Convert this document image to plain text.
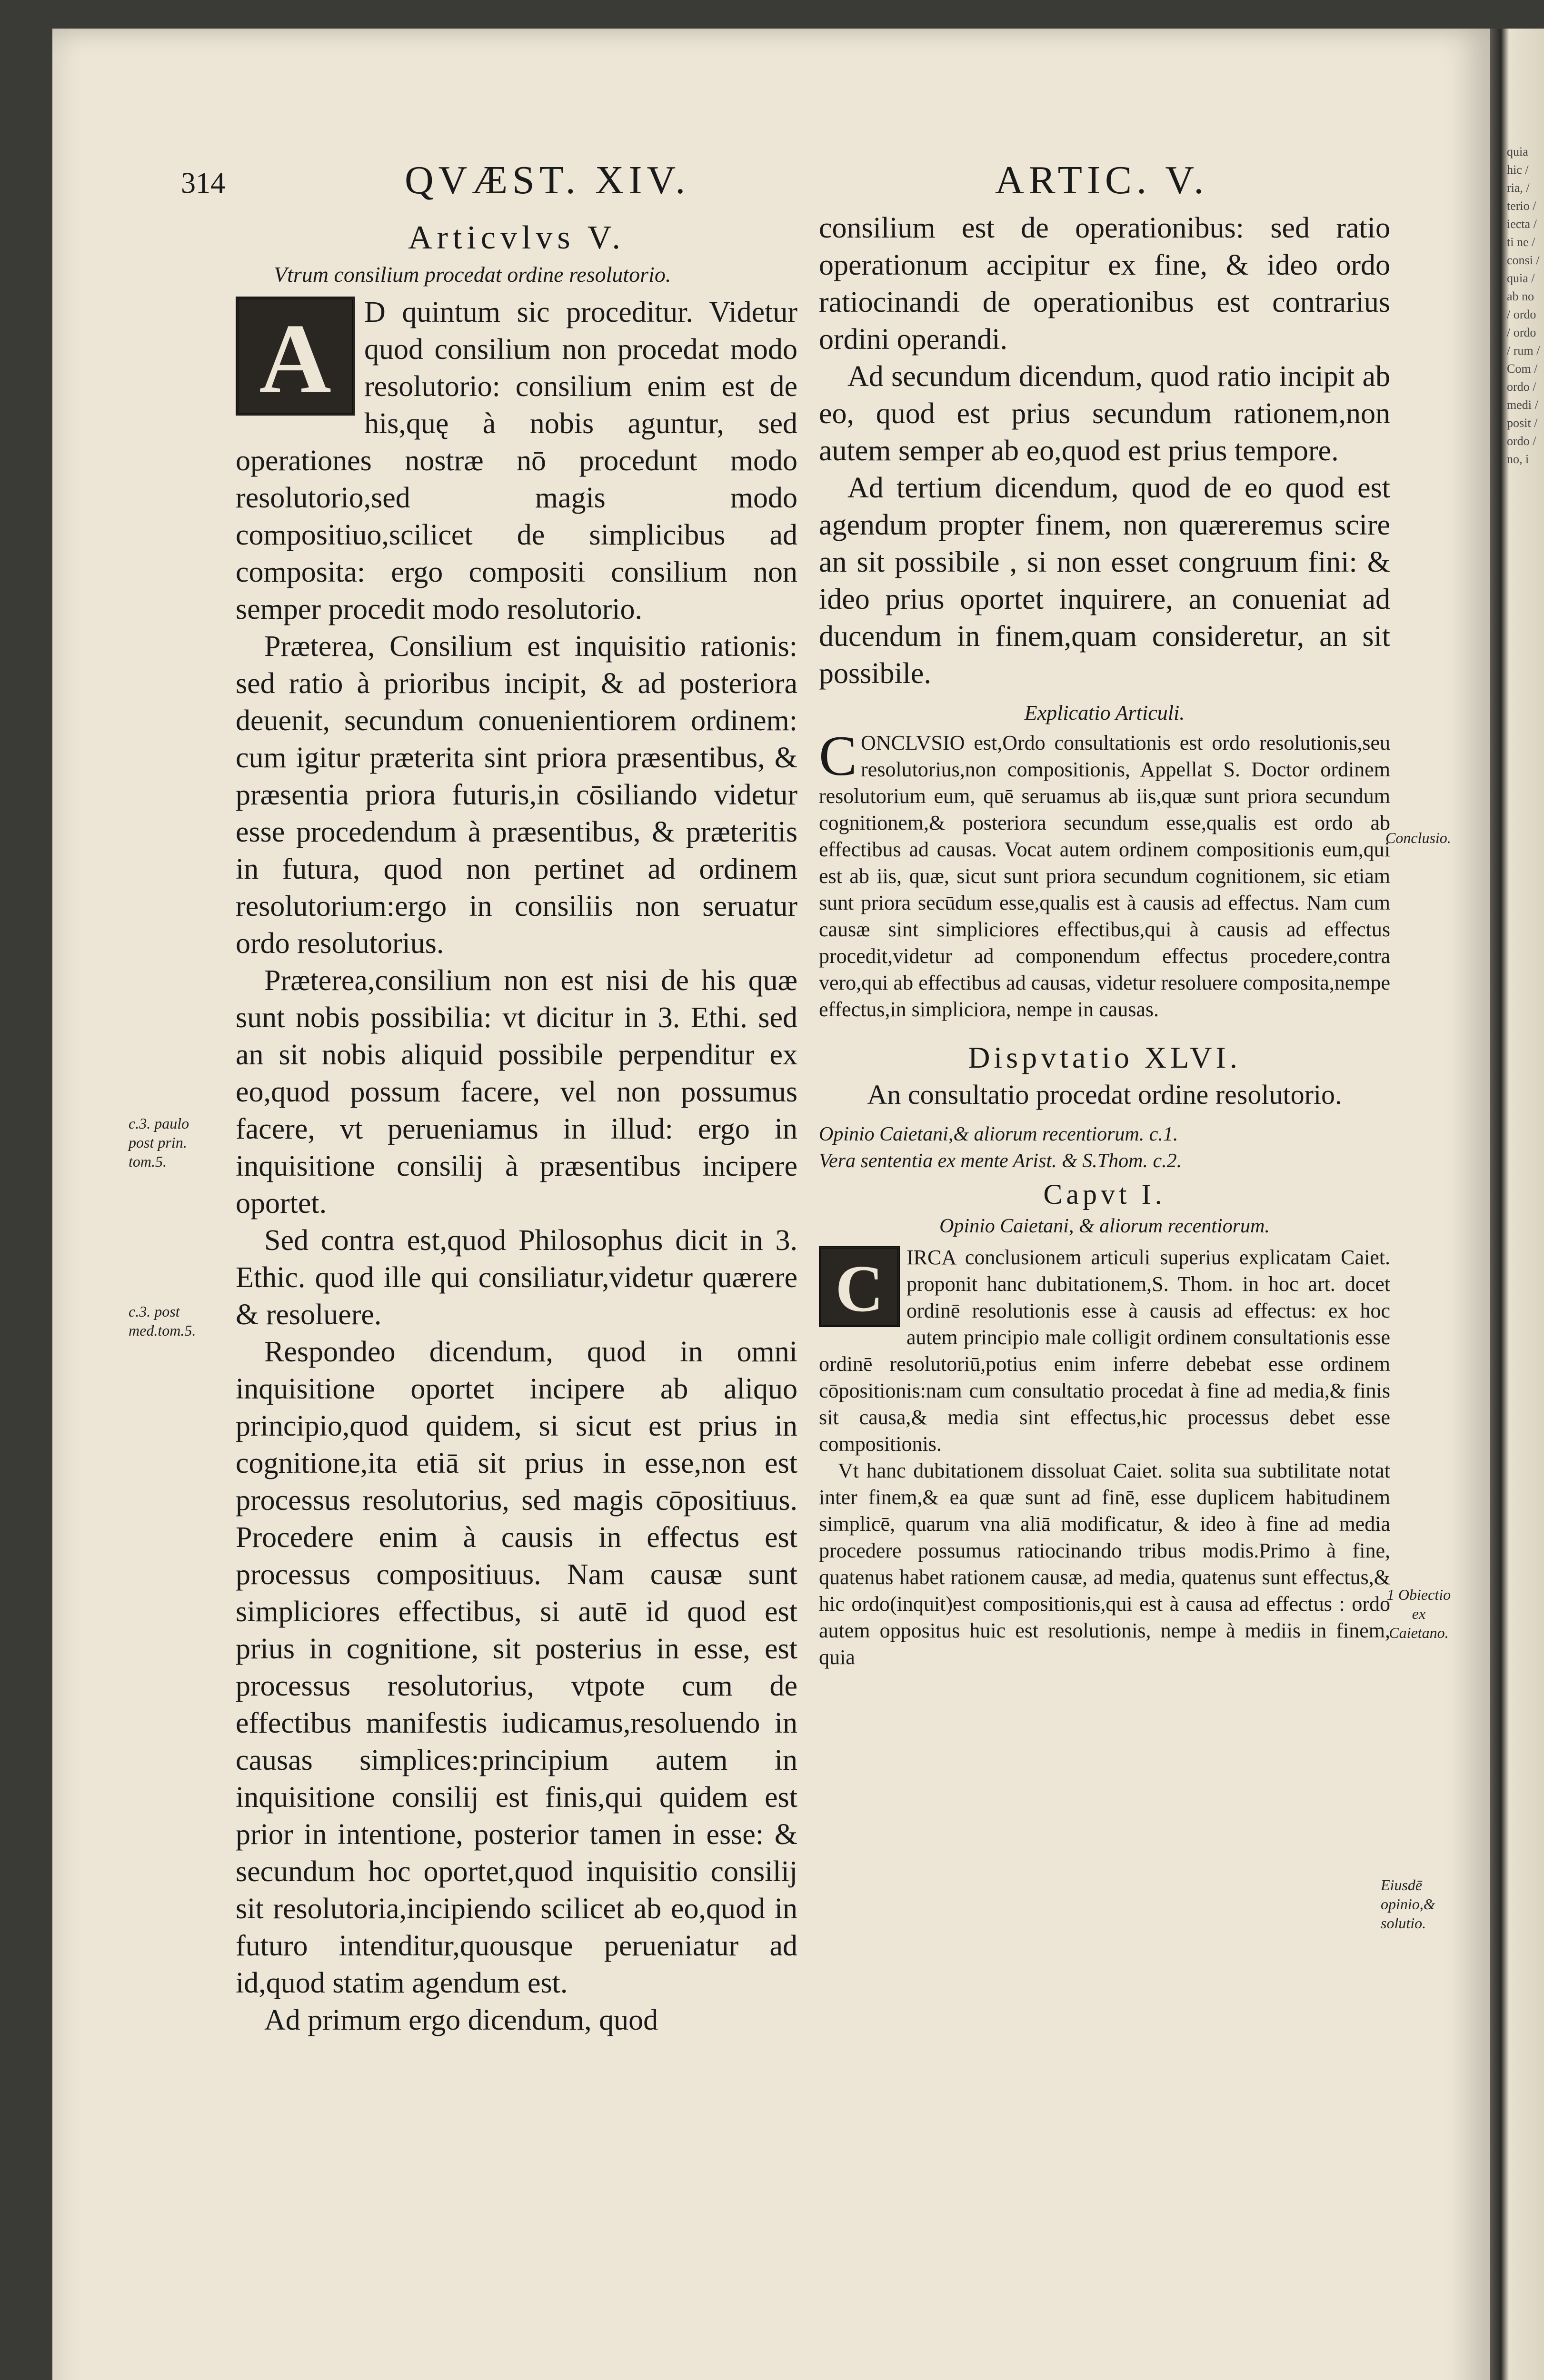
quia hic / ria, / terio / iecta / ti ne / consi / quia / ab no / ordo / ordo / rum / Com / ordo / medi / posit / ordo / no, i
314	QVÆST. XIV.	ARTIC. V.

Articvlvs V.

Vtrum consilium procedat ordine resolutorio.

A	D quintum sic proceditur. Videtur quod consilium non procedat modo resolutorio: consilium enim est de his,quę à nobis aguntur, sed operationes nostræ nō procedunt modo resolutorio,sed magis modo compositiuo,scilicet de simplicibus ad composita: ergo compositi consilium non semper procedit modo resolutorio.

Præterea, Consilium est inquisitio rationis: sed ratio à prioribus incipit, & ad posteriora deuenit, secundum conuenientiorem ordinem: cum igitur præterita sint priora præsentibus, & præsentia priora futuris,in cōsiliando videtur esse procedendum à præsentibus, & præteritis in futura, quod non pertinet ad ordinem resolutorium:ergo in consiliis non seruatur ordo resolutorius.

Præterea,consilium non est nisi de his quæ sunt nobis possibilia: vt dicitur in 3. Ethi. sed an sit nobis aliquid possibile perpenditur ex eo,quod possum facere, vel non possumus facere, vt perueniamus in illud: ergo in inquisitione consilij à præsentibus incipere oportet.

Sed contra est,quod Philosophus dicit in 3. Ethic. quod ille qui consiliatur,videtur quærere & resoluere.

Respondeo dicendum, quod in omni inquisitione oportet incipere ab aliquo principio,quod quidem, si sicut est prius in cognitione,ita etiā sit prius in esse,non est processus resolutorius, sed magis cōpositiuus. Procedere enim à causis in effectus est processus compositiuus. Nam causæ sunt simpliciores effectibus, si autē id quod est prius in cognitione, sit posterius in esse, est processus resolutorius, vtpote cum de effectibus manifestis iudicamus,resoluendo in causas simplices:principium autem in inquisitione consilij est finis,qui quidem est prior in intentione, posterior tamen in esse: & secundum hoc oportet,quod inquisitio consilij sit resolutoria,incipiendo scilicet ab eo,quod in futuro intenditur,quousque perueniatur ad id,quod statim agendum est.

Ad primum ergo dicendum, quod

consilium est de operationibus: sed ratio operationum accipitur ex fine, & ideo ordo ratiocinandi de operationibus est contrarius ordini operandi.

Ad secundum dicendum, quod ratio incipit ab eo, quod est prius secundum rationem,non autem semper ab eo,quod est prius tempore.

Ad tertium dicendum, quod de eo quod est agendum propter finem, non quæreremus scire an sit possibile , si non esset congruum fini: & ideo prius oportet inquirere, an conueniat ad ducendum in finem,quam consideretur, an sit possibile.

Explicatio Articuli.

C ONCLVSIO est,Ordo consultationis est ordo resolutionis,seu resolutorius,non compositionis, Appellat S. Doctor ordinem resolutorium eum, quē seruamus ab iis,quæ sunt priora secundum cognitionem,& posteriora secundum esse,qualis est ordo ab effectibus ad causas. Vocat autem ordinem compositionis eum,qui est ab iis, quæ, sicut sunt priora secundum cognitionem, sic etiam sunt priora secūdum esse,qualis est à causis ad effectus. Nam cum causæ sint simpliciores effectibus,qui à causis ad effectus procedit,videtur ad componendum effectus procedere,contra vero,qui ab effectibus ad causas, videtur resoluere composita,nempe effectus,in simpliciora, nempe in causas.

Dispvtatio XLVI.

An consultatio procedat ordine resolutorio.

Opinio Caietani,& aliorum recentiorum. c.1.

Vera sententia ex mente Arist. & S.Thom. c.2.

Capvt I.

Opinio Caietani, & aliorum recentiorum.

C	IRCA conclusionem articuli superius explicatam Caiet. proponit hanc dubitationem,S. Thom. in hoc art. docet ordinē resolutionis esse à causis ad effectus: ex hoc autem principio male colligit ordinem consultationis esse ordinē resolutoriū,potius enim inferre debebat esse ordinem cōpositionis:nam cum consultatio procedat à fine ad media,& finis sit causa,& media sint effectus,hic processus debet esse compositionis.

Vt hanc dubitationem dissoluat Caiet. solita sua subtilitate notat inter finem,& ea quæ sunt ad finē, esse duplicem habitudinem simplicē, quarum vna aliā modificatur, & ideo à fine ad media procedere possumus ratiocinando tribus modis.Primo à fine, quatenus habet rationem causæ, ad media, quatenus sunt effectus,& hic ordo(inquit)est compositionis,qui est à causa ad effectus : ordo autem oppositus huic est resolutionis, nempe à mediis in finem, quia

c.3. paulo post prin. tom.5.
c.3. post med.tom.5.
Conclusio.
1 Obiectio ex Caietano.
Eiusdē opinio,& solutio.
